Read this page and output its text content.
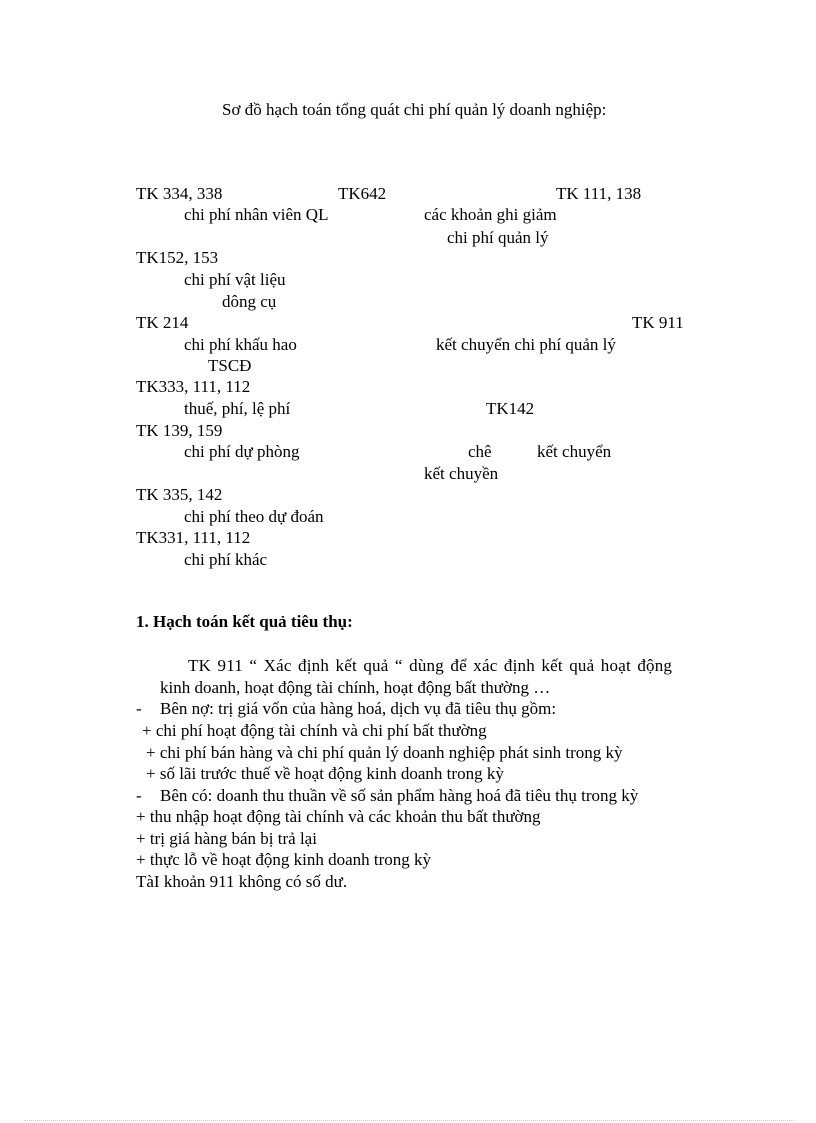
Sơ đồ hạch toán tổng quát chi phí quản lý doanh nghiệp:
TK 334, 338	TK642	TK 111, 138
chi phí nhân viên QL	các khoản ghi giảm
chi phí quản lý
TK152, 153
chi phí vật liệu
dông cụ
TK 214	TK 911
chi phí khấu hao	kết chuyển chi phí quản lý
TSCĐ
TK333, 111, 112
thuế, phí, lệ phí	TK142
TK 139, 159
chi phí dự phòng	chê	kết chuyển
kết chuyền
TK 335, 142
chi phí theo dự đoán
TK331, 111, 112
chi phí khác
1. Hạch toán kết quả tiêu thụ:
TK 911 “ Xác định kết quả “ dùng để xác định kết quả hoạt động
kinh doanh, hoạt động tài chính, hoạt động bất thường …
- Bên nợ: trị giá vốn của hàng hoá, dịch vụ đã tiêu thụ gồm:
+ chi phí hoạt động tài chính và chi phí bất thường
+ chi phí bán hàng và chi phí quản lý doanh nghiệp phát sinh trong kỳ
+ số lãi trước thuế về hoạt động kinh doanh trong kỳ
- Bên có: doanh thu thuần về số sản phẩm hàng hoá đã tiêu thụ trong kỳ
+ thu nhập hoạt động tài chính và các khoản thu bất thường
+ trị giá hàng bán bị trả lại
+ thực lỗ về hoạt động kinh doanh trong kỳ
TàI khoản 911 không có số dư.
